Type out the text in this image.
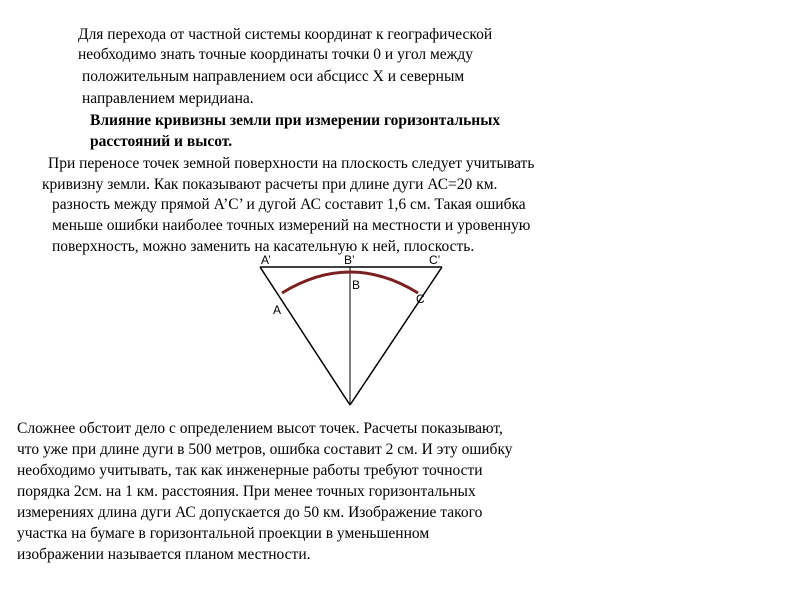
Для перехода от частной системы координат к географической
необходимо знать точные координаты точки 0 и угол между
положительным направлением оси абсцисс X и северным
направлением меридиана.
Влияние кривизны земли при измерении горизонтальных
расстояний и высот.
При переносе точек земной поверхности на плоскость следует учитывать
кривизну земли. Как показывают расчеты при длине дуги АС=20 км.
разность между прямой A’C’ и дугой АС составит 1,6 см. Такая ошибка
меньше ошибки наиболее точных измерений на местности и уровенную
поверхность, можно заменить на касательную к ней, плоскость.
A’	B’	C’
A
B
C
Сложнее обстоит дело с определением высот точек. Расчеты показывают,
что уже при длине дуги в 500 метров, ошибка составит 2 см. И эту ошибку
необходимо учитывать, так как инженерные работы требуют точности
порядка 2см. на 1 км. расстояния. При менее точных горизонтальных
измерениях длина дуги АС допускается до 50 км. Изображение такого
участка на бумаге в горизонтальной проекции в уменьшенном
изображении называется планом местности.
